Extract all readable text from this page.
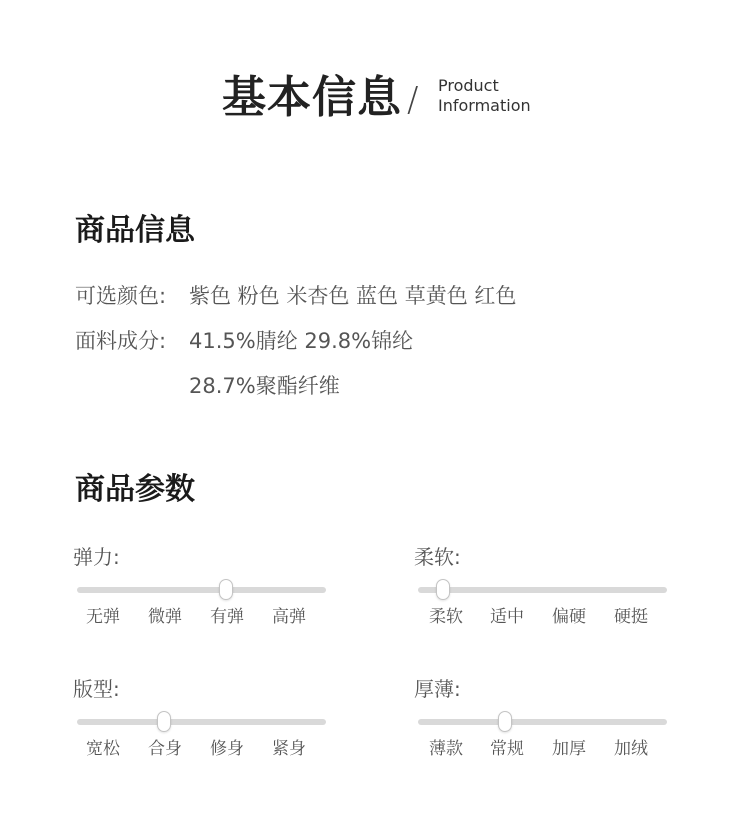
基本信息 / Product
Information
商品信息
可选颜色: 紫色 粉色 米杏色 蓝色 草黄色 红色
面料成分: 41.5%腈纶 29.8%锦纶
28.7%聚酯纤维
商品参数
弹力:
无弹	微弹	有弹	高弹
柔软:
柔软	适中	偏硬	硬挺
版型:
宽松	合身	修身	紧身
厚薄:
薄款	常规	加厚	加绒
